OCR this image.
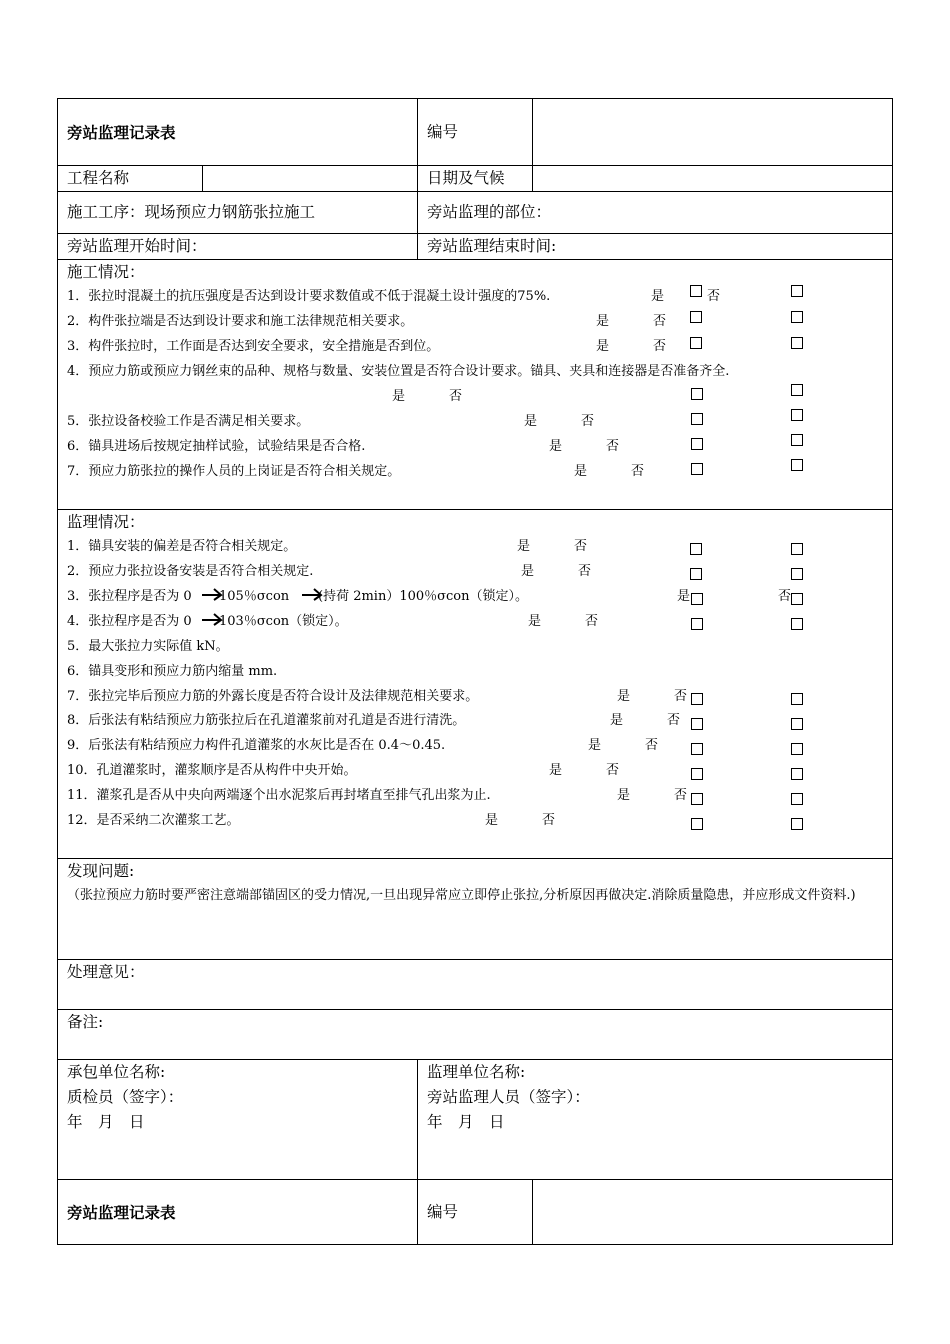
旁站监理记录表	编号
工程名称	日期及气候
施工工序：现场预应力钢筋张拉施工	旁站监理的部位：
旁站监理开始时间：	旁站监理结束时间:
施工情况：
1．张拉时混凝土的抗压强度是否达到设计要求数值或不低于混凝土设计强度的75%.	是	否
2．构件张拉端是否达到设计要求和施工法律规范相关要求。	是	否
3．构件张拉时，工作面是否达到安全要求，安全措施是否到位。	是	否
4．预应力筋或预应力钢丝束的品种、规格与数量、安装位置是否符合设计要求。锚具、夹具和连接器是否准备齐全.
是	否
5．张拉设备校验工作是否满足相关要求。	是	否
6．锚具进场后按规定抽样试验，试验结果是否合格.	是	否
7．预应力筋张拉的操作人员的上岗证是否符合相关规定。	是	否
监理情况：
1．锚具安装的偏差是否符合相关规定。	是	否
2．预应力张拉设备安装是否符合相关规定.	是	否
3．张拉程序是否为 0 105％σcon (持荷 2min）100％σcon（锁定）。	是	否
4．张拉程序是否为 0 103％σcon（锁定）。	是	否
5．最大张拉力实际值 kN。
6．锚具变形和预应力筋内缩量 mm.
7．张拉完毕后预应力筋的外露长度是否符合设计及法律规范相关要求。	是	否
8．后张法有粘结预应力筋张拉后在孔道灌浆前对孔道是否进行清洗。	是	否
9．后张法有粘结预应力构件孔道灌浆的水灰比是否在 0.4～0.45.	是	否
10．孔道灌浆时，灌浆顺序是否从构件中央开始。	是	否
11．灌浆孔是否从中央向两端逐个出水泥浆后再封堵直至排气孔出浆为止.	是	否
12．是否采纳二次灌浆工艺。	是	否
发现问题:
（张拉预应力筋时要严密注意端部锚固区的受力情况,一旦出现异常应立即停止张拉,分析原因再做决定.消除质量隐患，并应形成文件资料.)
处理意见：
备注:
承包单位名称:
质检员（签字）：
年　月　日
监理单位名称:
旁站监理人员（签字）：
年　月　日
旁站监理记录表	编号
